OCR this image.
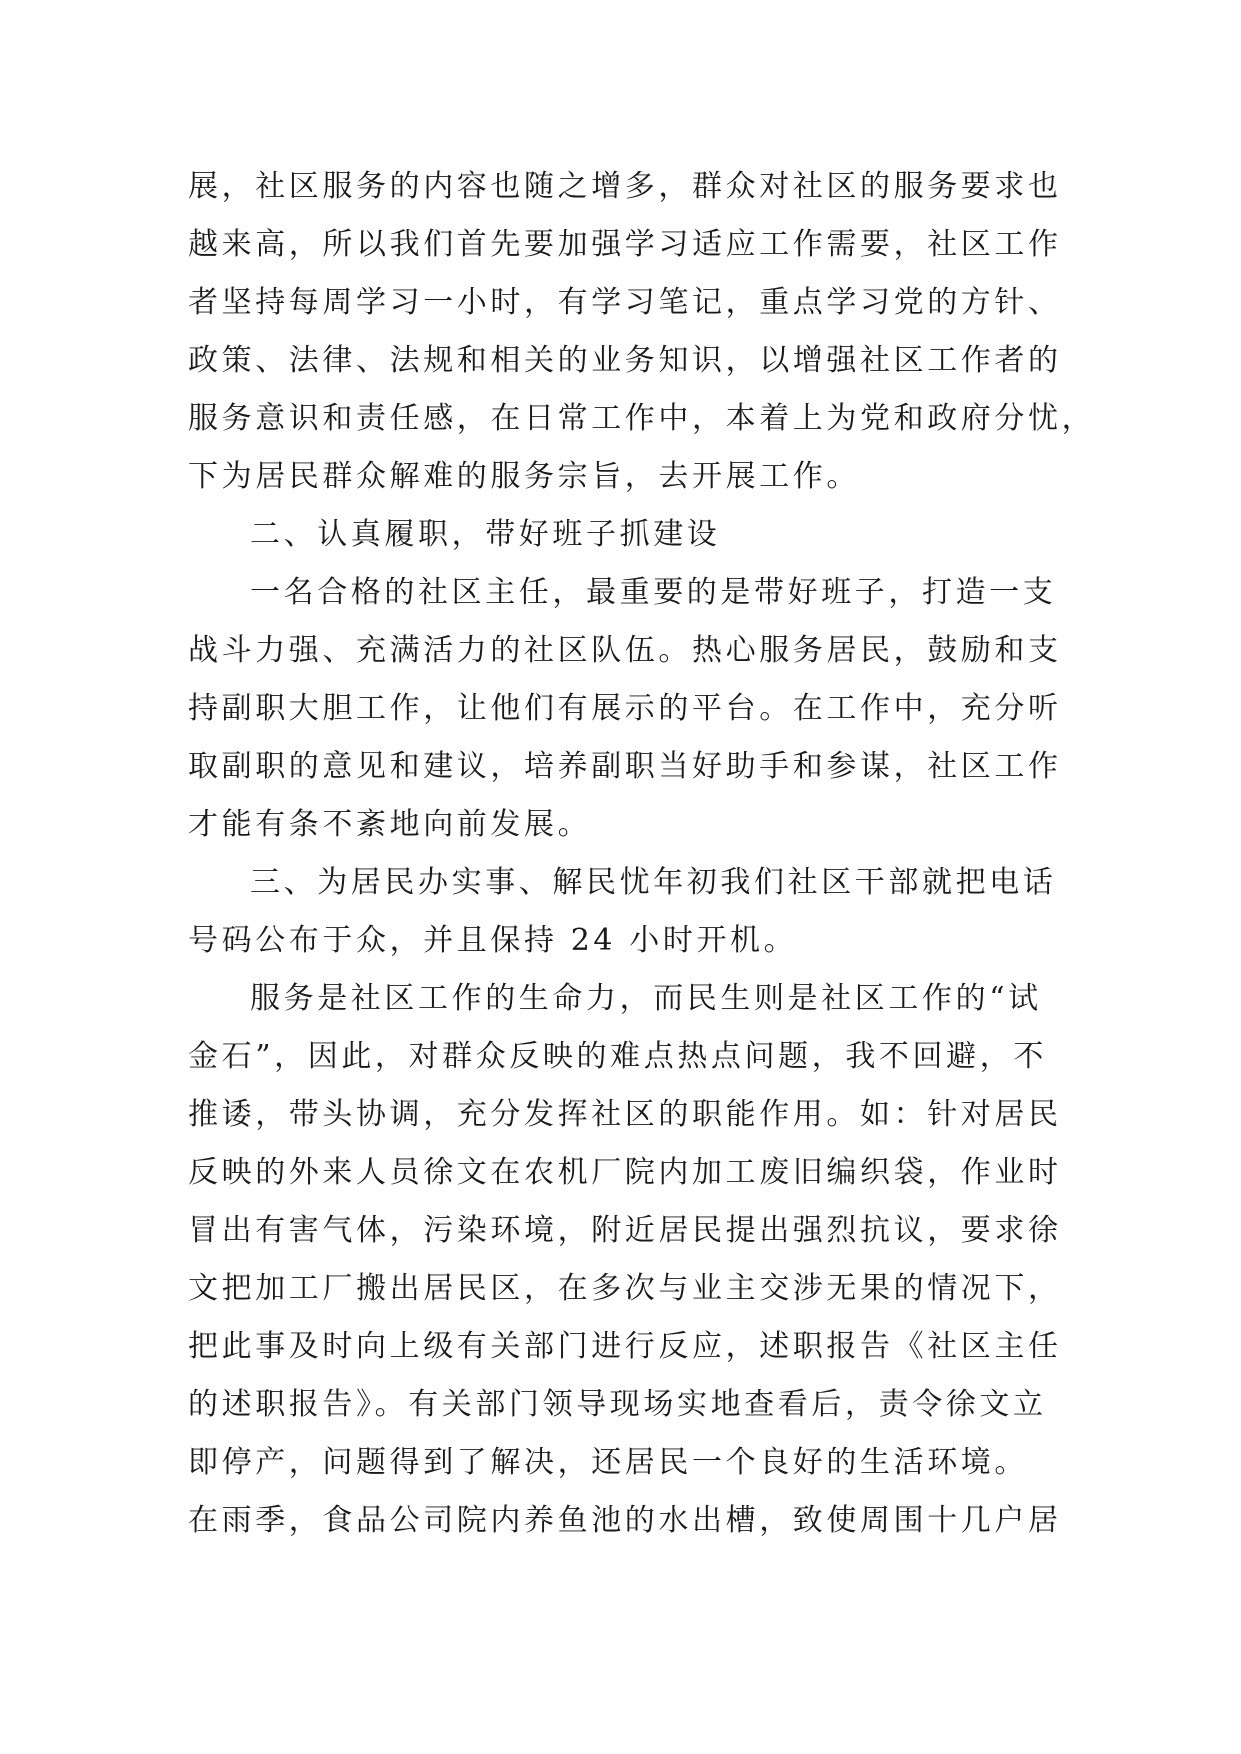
展，社区服务的内容也随之增多，群众对社区的服务要求也
越来高，所以我们首先要加强学习适应工作需要，社区工作
者坚持每周学习一小时，有学习笔记，重点学习党的方针、
政策、法律、法规和相关的业务知识，以增强社区工作者的
服务意识和责任感，在日常工作中，本着上为党和政府分忧，
下为居民群众解难的服务宗旨，去开展工作。
二、认真履职，带好班子抓建设
一名合格的社区主任，最重要的是带好班子，打造一支
战斗力强、充满活力的社区队伍。热心服务居民，鼓励和支
持副职大胆工作，让他们有展示的平台。在工作中，充分听
取副职的意见和建议，培养副职当好助手和参谋，社区工作
才能有条不紊地向前发展。
三、为居民办实事、解民忧年初我们社区干部就把电话
号码公布于众，并且保持 24 小时开机。
服务是社区工作的生命力，而民生则是社区工作的“试
金石”，因此，对群众反映的难点热点问题，我不回避，不
推诿，带头协调，充分发挥社区的职能作用。如：针对居民
反映的外来人员徐文在农机厂院内加工废旧编织袋，作业时
冒出有害气体，污染环境，附近居民提出强烈抗议，要求徐
文把加工厂搬出居民区，在多次与业主交涉无果的情况下，
把此事及时向上级有关部门进行反应，述职报告《社区主任
的述职报告》。有关部门领导现场实地查看后，责令徐文立
即停产，问题得到了解决，还居民一个良好的生活环境。
在雨季，食品公司院内养鱼池的水出槽，致使周围十几户居
